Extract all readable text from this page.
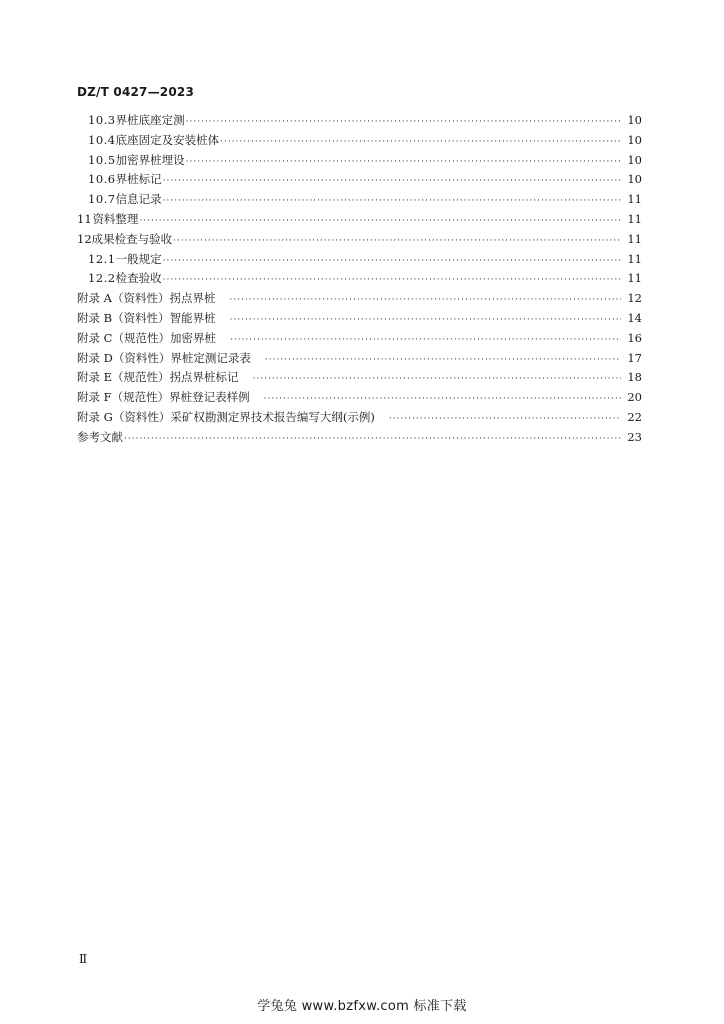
DZ/T 0427—2023
10.3 界桩底座定测 ·····	10
10.4 底座固定及安装桩体 ·····	10
10.5 加密界桩埋设 ·····	10
10.6 界桩标记 ·····	10
10.7 信息记录 ·····	11
11 资料整理 ·····	11
12 成果检查与验收 ·····	11
12.1 一般规定 ·····	11
12.2 检查验收 ·····	11
附录 A（资料性） 拐点界桩 ·····	12
附录 B（资料性） 智能界桩 ·····	14
附录 C（规范性） 加密界桩 ·····	16
附录 D（资料性） 界桩定测记录表 ·····	17
附录 E（规范性） 拐点界桩标记 ·····	18
附录 F（规范性） 界桩登记表样例 ·····	20
附录 G（资料性） 采矿权勘测定界技术报告编写大纲(示例) ·····	22
参考文献 ·····	23
Ⅱ
学兔兔 www.bzfxw.com 标准下载
